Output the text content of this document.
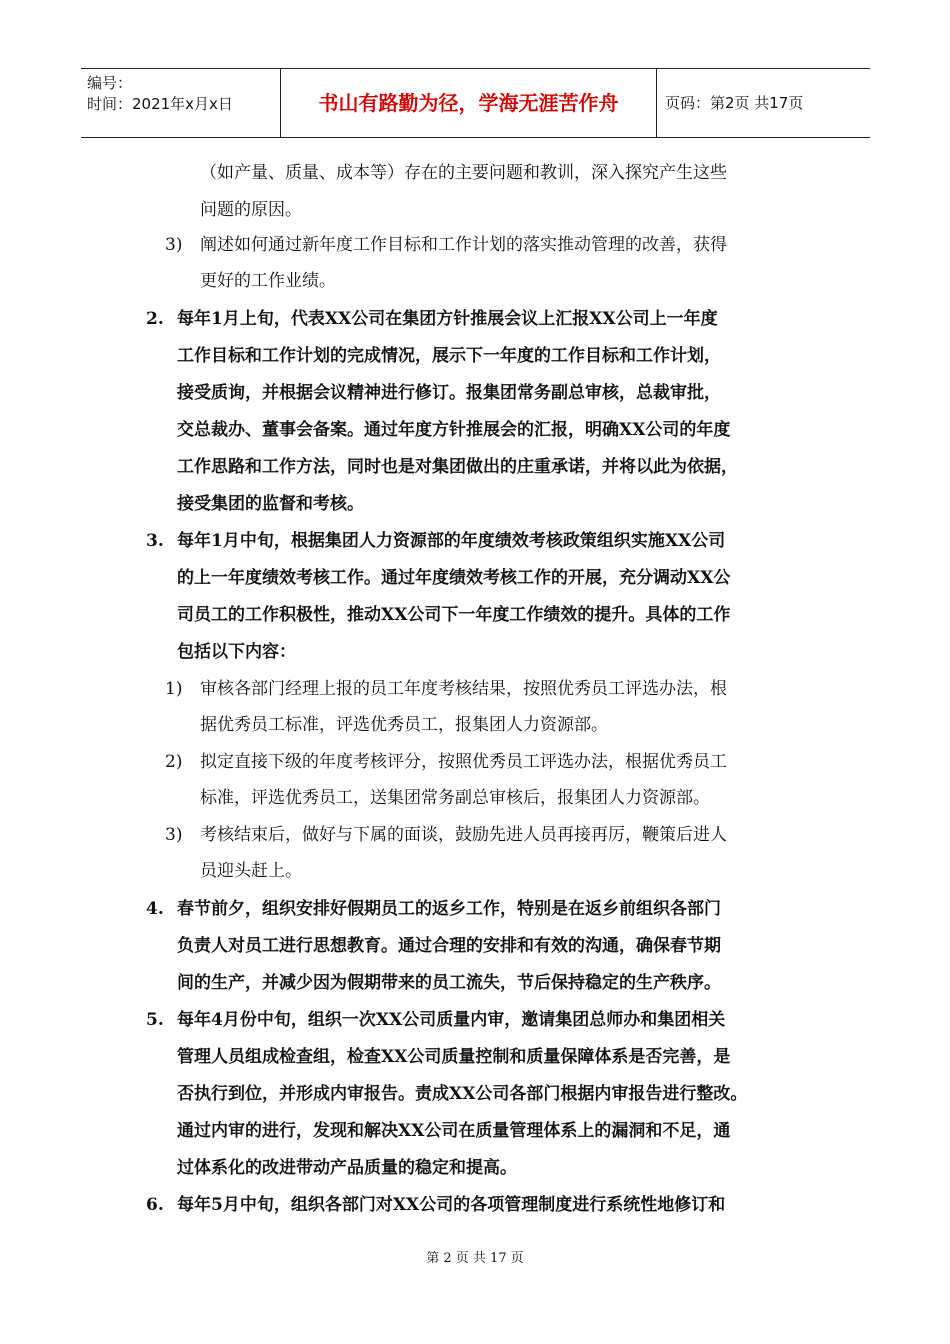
编号：
时间：2021年x月x日	书山有路勤为径，学海无涯苦作舟	页码：第2页 共17页
（如产量、质量、成本等）存在的主要问题和教训，深入探究产生这些
问题的原因。
3) 阐述如何通过新年度工作目标和工作计划的落实推动管理的改善，获得
更好的工作业绩。
2. 每年1月上旬，代表XX公司在集团方针推展会议上汇报XX公司上一年度
工作目标和工作计划的完成情况，展示下一年度的工作目标和工作计划，
接受质询，并根据会议精神进行修订。报集团常务副总审核，总裁审批，
交总裁办、董事会备案。通过年度方针推展会的汇报，明确XX公司的年度
工作思路和工作方法，同时也是对集团做出的庄重承诺，并将以此为依据，
接受集团的监督和考核。
3. 每年1月中旬，根据集团人力资源部的年度绩效考核政策组织实施XX公司
的上一年度绩效考核工作。通过年度绩效考核工作的开展，充分调动XX公
司员工的工作积极性，推动XX公司下一年度工作绩效的提升。具体的工作
包括以下内容：
1) 审核各部门经理上报的员工年度考核结果，按照优秀员工评选办法，根
据优秀员工标准，评选优秀员工，报集团人力资源部。
2) 拟定直接下级的年度考核评分，按照优秀员工评选办法，根据优秀员工
标准，评选优秀员工，送集团常务副总审核后，报集团人力资源部。
3) 考核结束后，做好与下属的面谈，鼓励先进人员再接再厉，鞭策后进人
员迎头赶上。
4. 春节前夕，组织安排好假期员工的返乡工作，特别是在返乡前组织各部门
负责人对员工进行思想教育。通过合理的安排和有效的沟通，确保春节期
间的生产，并减少因为假期带来的员工流失，节后保持稳定的生产秩序。
5. 每年4月份中旬，组织一次XX公司质量内审，邀请集团总师办和集团相关
管理人员组成检查组，检查XX公司质量控制和质量保障体系是否完善，是
否执行到位，并形成内审报告。责成XX公司各部门根据内审报告进行整改。
通过内审的进行，发现和解决XX公司在质量管理体系上的漏洞和不足，通
过体系化的改进带动产品质量的稳定和提高。
6. 每年5月中旬，组织各部门对XX公司的各项管理制度进行系统性地修订和
第 2 页 共 17 页
